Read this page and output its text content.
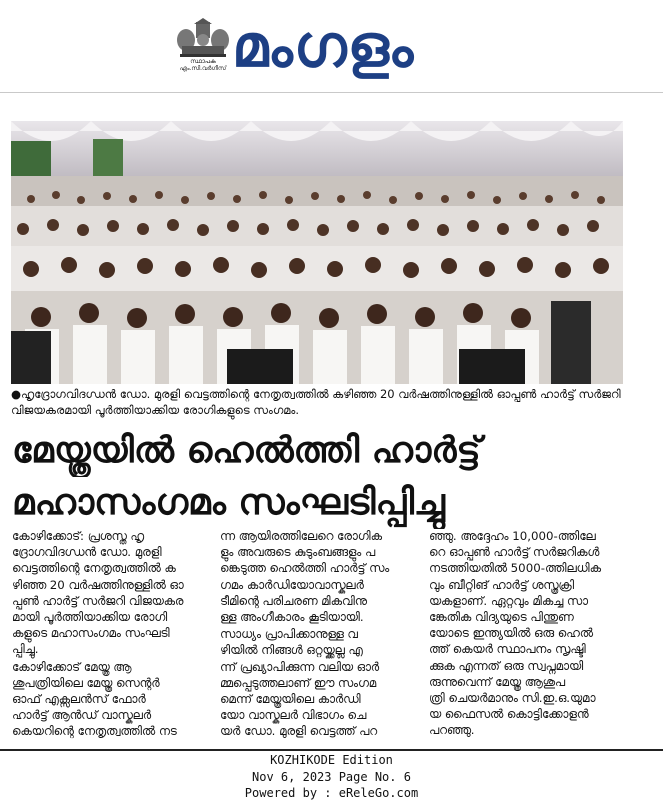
സ്ഥാപക
എം.സി.വർഗീസ് മംഗളം
●ഹൃദ്രോഗവിദഗ്ധൻ ഡോ. മുരളി വെട്ടത്തിന്റെ നേതൃത്വത്തിൽ കഴിഞ്ഞ 20 വർഷത്തിനുള്ളിൽ ഓപ്പൺ ഹാർട്ട് സർജറി വിജയകരമായി പൂർത്തിയാക്കിയ രോഗികളുടെ സംഗമം.
മേയ്ത്രയിൽ ഹെൽത്തി ഹാർട്ട്
മഹാസംഗമം സംഘടിപ്പിച്ചു

കോഴിക്കോട്: പ്രശസ്ത ഹൃ
ദ്രോഗവിദഗ്ധൻ ഡോ. മുരളി
വെട്ടത്തിന്റെ നേതൃത്വത്തിൽ ക
ഴിഞ്ഞ 20 വർഷത്തിനുള്ളിൽ ഓ
പ്പൺ ഹാർട്ട് സർജറി വിജയകര
മായി പൂർത്തിയാക്കിയ രോഗി
കളുടെ മഹാസംഗമം സംഘടി
പ്പിച്ചു.

കോഴിക്കോട് മേയ്ത്ര ആ
ശുപത്രിയിലെ മേയ്ത്ര സെന്റർ
ഓഫ് എക്സലൻസ് ഫോർ
ഹാർട്ട് ആൻഡ് വാസ്കുലർ
കെയറിന്റെ നേതൃത്വത്തിൽ നട

ന്ന ആയിരത്തിലേറെ രോഗിക
ളും അവരുടെ കുടുംബങ്ങളും പ
ങ്കെടുത്ത ഹെൽത്തി ഹാർട്ട് സം
ഗമം കാർഡിയോവാസ്കുലർ
ടീമിന്റെ പരിചരണ മികവിനു
ള്ള അംഗീകാരം കൂടിയായി.

സാധ്യം പ്രാപിക്കാനുള്ള വ
ഴിയിൽ നിങ്ങൾ ഒറ്റയ്ക്കല്ല എ
ന്ന് പ്രഖ്യാപിക്കുന്ന വലിയ ഓർ
മ്മപ്പെടുത്തലാണ് ഈ സംഗമ
മെന്ന് മേയ്ത്രയിലെ കാർഡി
യോ വാസ്കുലർ വിഭാഗം ചെ
യർ ഡോ. മുരളി വെട്ടത്ത് പറ

ഞ്ഞു. അദ്ദേഹം 10,000-ത്തിലേ
റെ ഓപ്പൺ ഹാർട്ട് സർജറികൾ
നടത്തിയതിൽ 5000-ത്തിലധിക
വും ബീറ്റിങ് ഹാർട്ട് ശസ്ത്രക്രി
യകളാണ്. ഏറ്റവും മികച്ച സാ
ങ്കേതിക വിദ്യയുടെ പിന്തുണ
യോടെ ഇന്ത്യയിൽ ഒരു ഹെൽ
ത്ത് കെയർ സ്ഥാപനം സൃഷ്ടി
ക്കുക എന്നത് ഒരു സ്വപ്നമായി
രുന്നുവെന്ന് മേയ്ത്ര ആശുപ
ത്രി ചെയർമാനും സി.ഇ.ഒ.യുമാ
യ ഫൈസൽ കൊട്ടിക്കോളൻ
പറഞ്ഞു.

KOZHIKODE Edition
Nov 6, 2023 Page No. 6
Powered by : eReleGo.com
